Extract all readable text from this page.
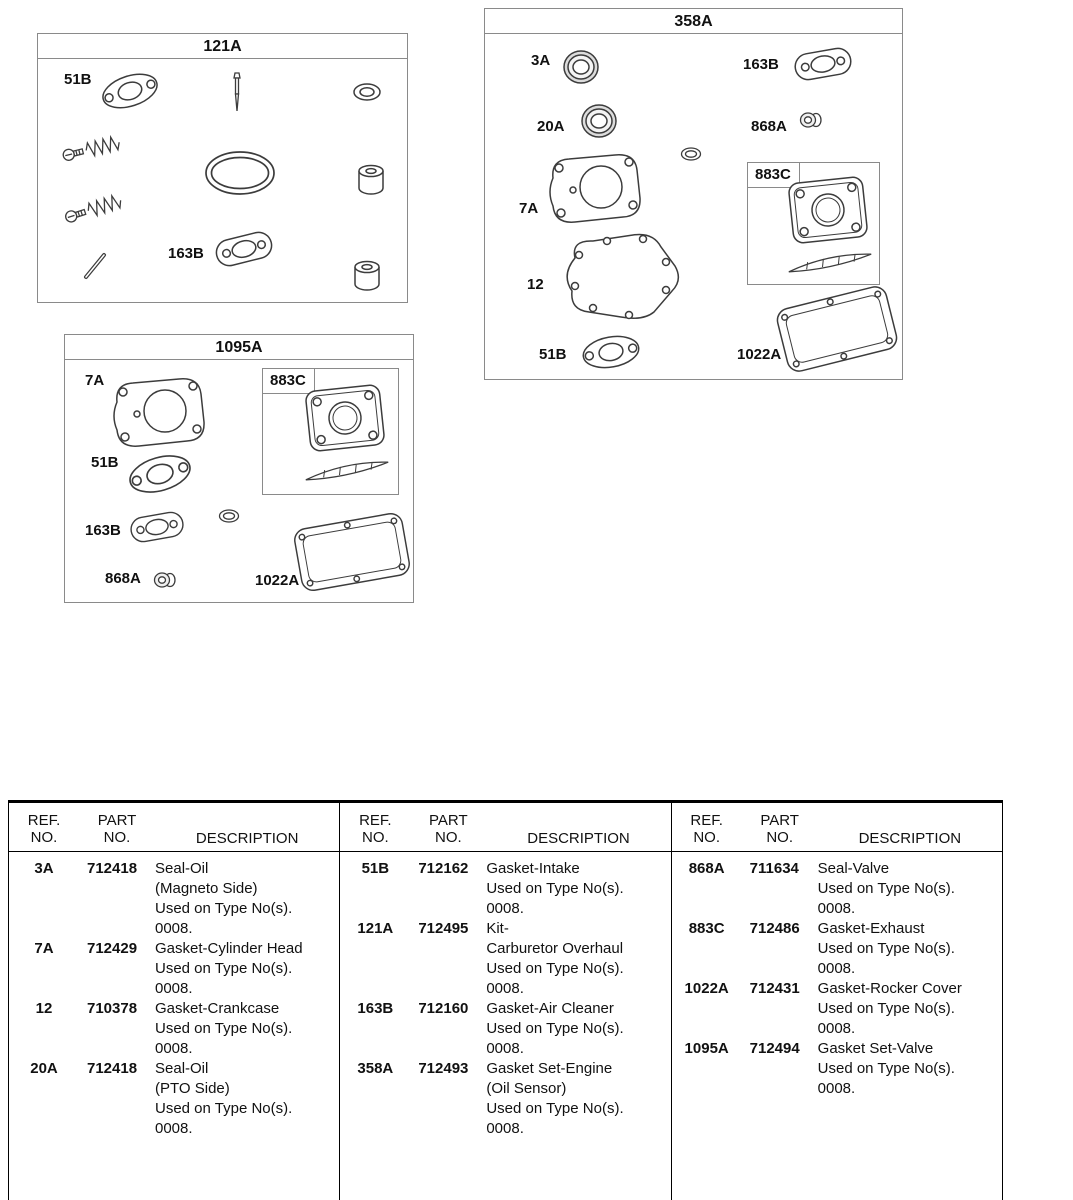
121A
51B
163B
358A
3A	163B
20A	868A
7A
883C
12
51B	1022A
1095A
7A	883C
51B
163B
868A	1022A
REF.
NO.
PART
NO.	DESCRIPTION
3A	712418	Seal-Oil
(Magneto Side)
Used on Type No(s).
0008.
7A	712429	Gasket-Cylinder Head
Used on Type No(s).
0008.
12	710378	Gasket-Crankcase
Used on Type No(s).
0008.
20A	712418	Seal-Oil
(PTO Side)
Used on Type No(s).
0008.
REF.
NO.
PART
NO.	DESCRIPTION
51B	712162	Gasket-Intake
Used on Type No(s).
0008.
121A	712495	Kit-
Carburetor Overhaul
Used on Type No(s).
0008.
163B	712160	Gasket-Air Cleaner
Used on Type No(s).
0008.
358A	712493	Gasket Set-Engine
(Oil Sensor)
Used on Type No(s).
0008.
REF.
NO.
PART
NO.	DESCRIPTION
868A	711634	Seal-Valve
Used on Type No(s).
0008.
883C	712486	Gasket-Exhaust
Used on Type No(s).
0008.
1022A	712431	Gasket-Rocker Cover
Used on Type No(s).
0008.
1095A	712494	Gasket Set-Valve
Used on Type No(s).
0008.
